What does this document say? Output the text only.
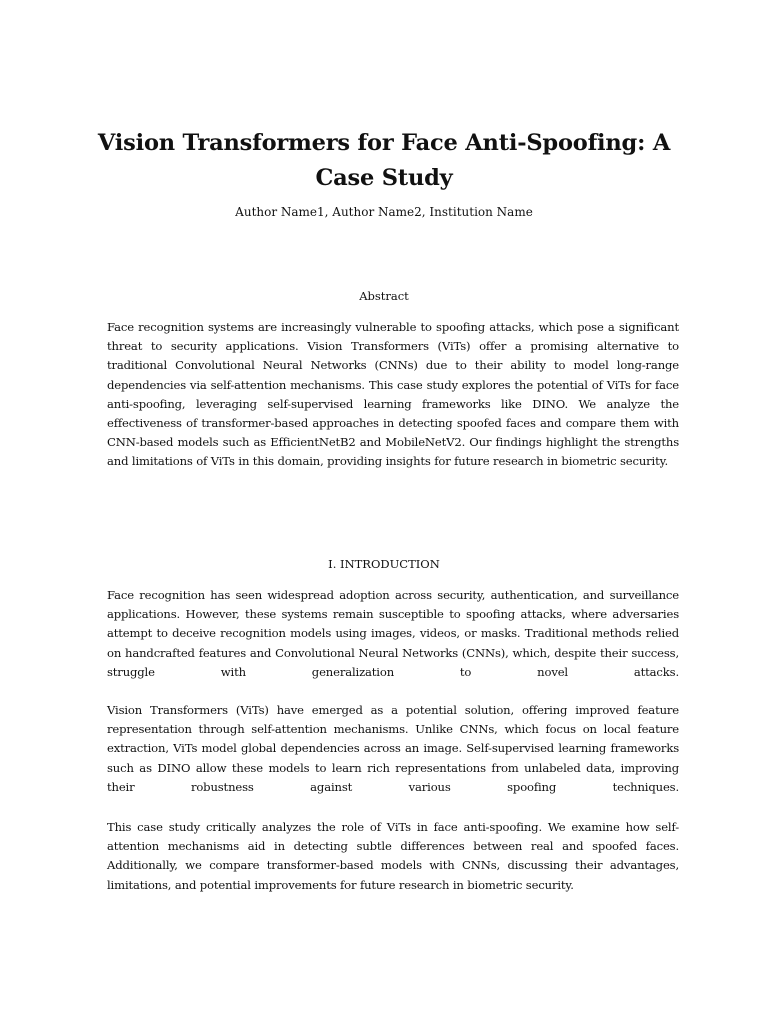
Vision Transformers for Face Anti-Spoofing: A Case Study

Author Name1, Author Name2, Institution Name

Abstract

Face recognition systems are increasingly vulnerable to spoofing attacks, which pose a significant threat to security applications. Vision Transformers (ViTs) offer a promising alternative to traditional Convolutional Neural Networks (CNNs) due to their ability to model long-range dependencies via self-attention mechanisms. This case study explores the potential of ViTs for face anti-spoofing, leveraging self-supervised learning frameworks like DINO. We analyze the effectiveness of transformer-based approaches in detecting spoofed faces and compare them with CNN-based models such as EfficientNetB2 and MobileNetV2. Our findings highlight the strengths and limitations of ViTs in this domain, providing insights for future research in biometric security.

I. INTRODUCTION

Face recognition has seen widespread adoption across security, authentication, and surveillance applications. However, these systems remain susceptible to spoofing attacks, where adversaries attempt to deceive recognition models using images, videos, or masks. Traditional methods relied on handcrafted features and Convolutional Neural Networks (CNNs), which, despite their success, struggle with generalization to novel attacks.

Vision Transformers (ViTs) have emerged as a potential solution, offering improved feature representation through self-attention mechanisms. Unlike CNNs, which focus on local feature extraction, ViTs model global dependencies across an image. Self-supervised learning frameworks such as DINO allow these models to learn rich representations from unlabeled data, improving their robustness against various spoofing techniques.

This case study critically analyzes the role of ViTs in face anti-spoofing. We examine how self-attention mechanisms aid in detecting subtle differences between real and spoofed faces. Additionally, we compare transformer-based models with CNNs, discussing their advantages, limitations, and potential improvements for future research in biometric security.
